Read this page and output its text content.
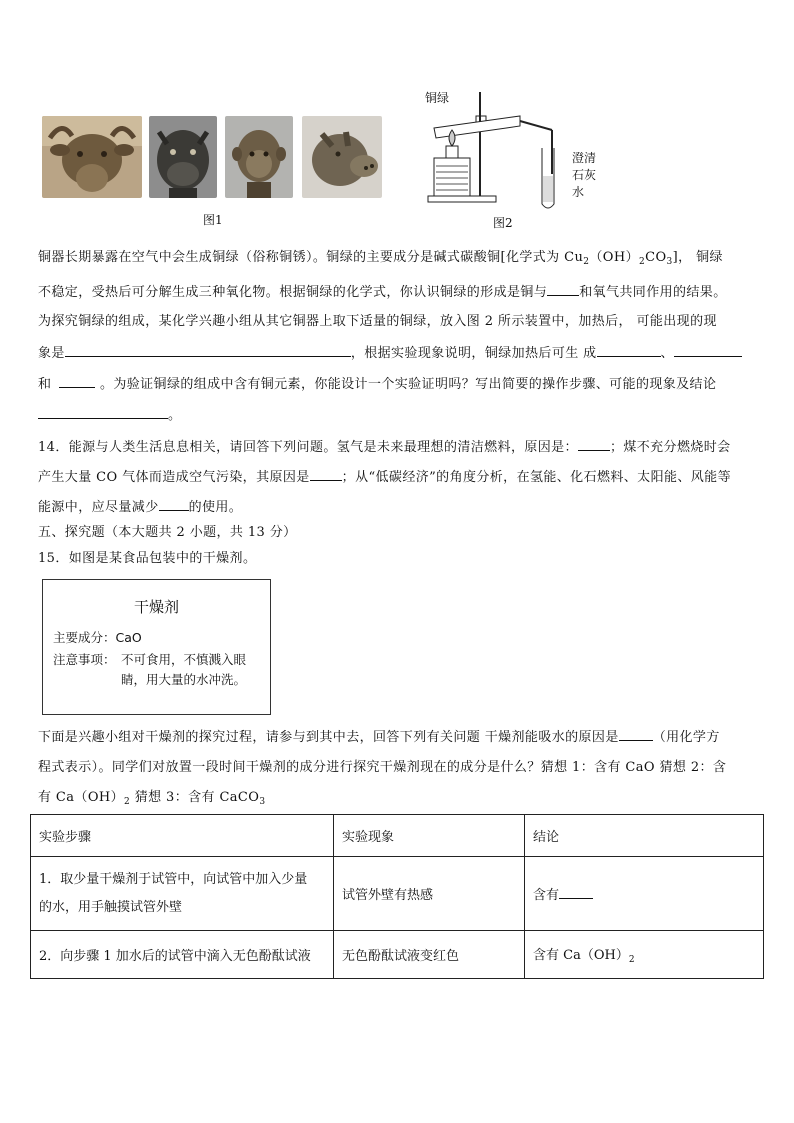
图1
铜绿
澄清
石灰
水
图2
铜器长期暴露在空气中会生成铜绿（俗称铜锈）。铜绿的主要成分是碱式碳酸铜[化学式为 $Cu_2(OH)_2CO_3$]， 铜绿
不稳定，受热后可分解生成三种氧化物。根据铜绿的化学式，你认识铜绿的形成是铜与 和氧气共同作用的结果。
为探究铜绿的组成，某化学兴趣小组从其它铜器上取下适量的铜绿，放入图 2 所示装置中，加热后， 可能出现的现
象是	，根据实验现象说明，铜绿加热后可生 成	、
和	。为验证铜绿的组成中含有铜元素，你能设计一个实验证明吗？写出简要的操作步骤、可能的现象及结论
。
14．能源与人类生活息息相关，请回答下列问题。氢气是未来最理想的清洁燃料，原因是： ；煤不充分燃烧时会
产生大量 CO 气体而造成空气污染，其原因是 ；从“低碳经济”的角度分析，在氢能、化石燃料、太阳能、风能等
能源中，应尽量减少 的使用。
五、探究题（本大题共 2 小题，共 13 分）
15．如图是某食品包装中的干燥剂。
干燥剂
主要成分：CaO
注意事项： 不可食用，不慎溅入眼
睛，用大量的水冲洗。
下面是兴趣小组对干燥剂的探究过程，请参与到其中去，回答下列有关问题 干燥剂能吸水的原因是	（用化学方
程式表示）。同学们对放置一段时间干燥剂的成分进行探究干燥剂现在的成分是什么？猜想 1：含有 CaO 猜想 2：含
有 $Ca(OH)_2$ 猜想 3：含有 CaCO$_3$
实验步骤	实验现象	结论

1．取少量干燥剂于试管中，向试管中加入少量
的水，用手触摸试管外壁	试管外壁有热感	含有
2．向步骤 1 加水后的试管中滴入无色酚酞试液	无色酚酞试液变红色	含有 $Ca(OH)_2$
